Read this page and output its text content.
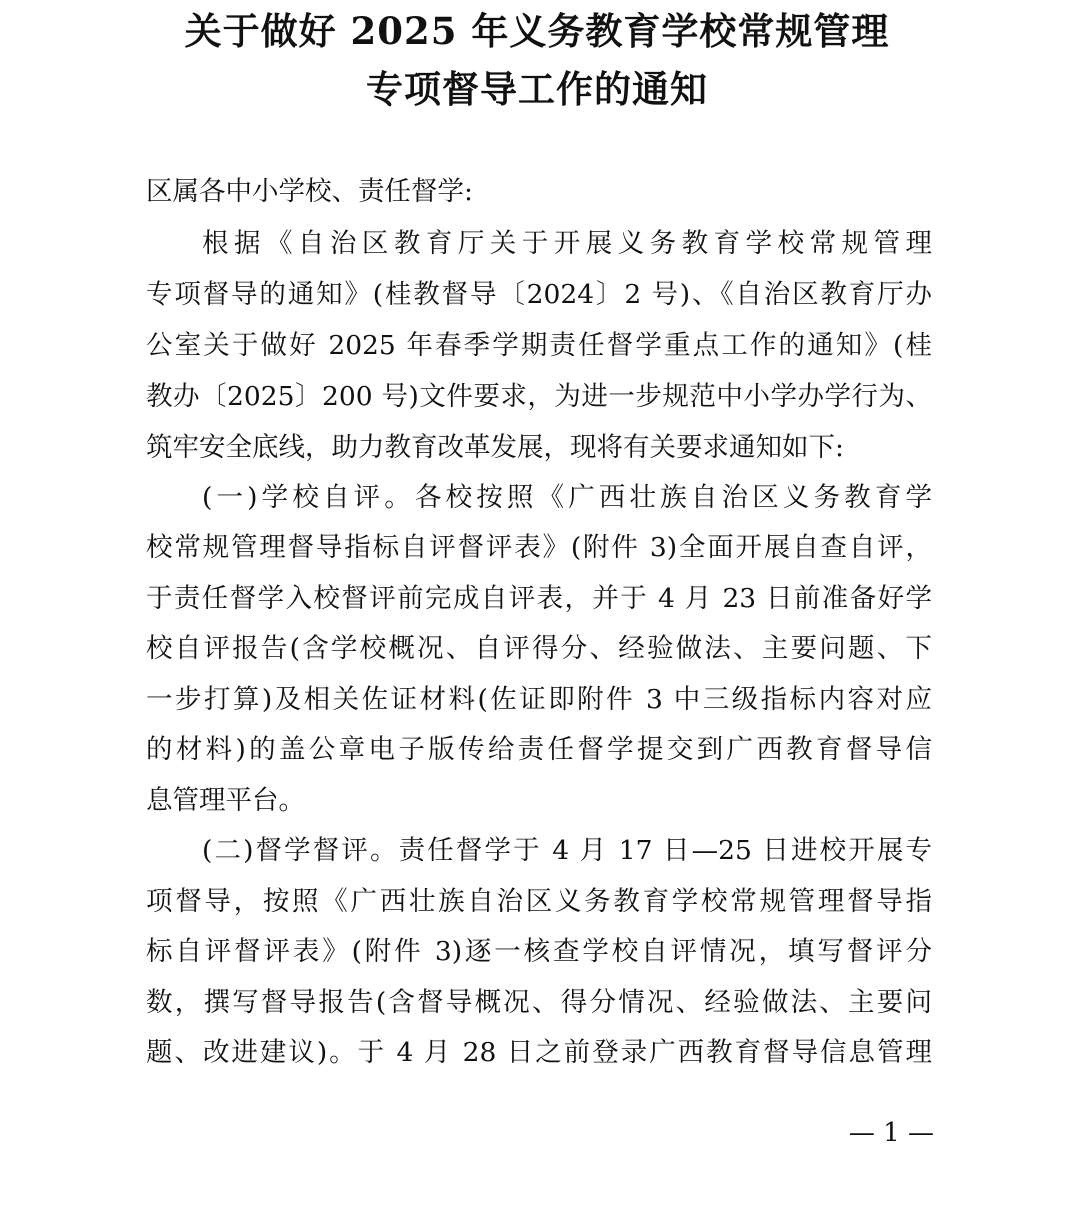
关于做好 2025 年义务教育学校常规管理
专项督导工作的通知
区属各中小学校、责任督学:
根据《自治区教育厅关于开展义务教育学校常规管理
专项督导的通知》(桂教督导〔2024〕2 号)、《自治区教育厅办
公室关于做好 2025 年春季学期责任督学重点工作的通知》(桂
教办〔2025〕200 号)文件要求，为进一步规范中小学办学行为、
筑牢安全底线，助力教育改革发展，现将有关要求通知如下:
(一)学校自评。各校按照《广西壮族自治区义务教育学
校常规管理督导指标自评督评表》(附件 3)全面开展自查自评，
于责任督学入校督评前完成自评表，并于 4 月 23 日前准备好学
校自评报告(含学校概况、自评得分、经验做法、主要问题、下
一步打算)及相关佐证材料(佐证即附件 3 中三级指标内容对应
的材料)的盖公章电子版传给责任督学提交到广西教育督导信
息管理平台。
(二)督学督评。责任督学于 4 月 17 日—25 日进校开展专
项督导，按照《广西壮族自治区义务教育学校常规管理督导指
标自评督评表》(附件 3)逐一核查学校自评情况，填写督评分
数，撰写督导报告(含督导概况、得分情况、经验做法、主要问
题、改进建议)。于 4 月 28 日之前登录广西教育督导信息管理
— 1 —
